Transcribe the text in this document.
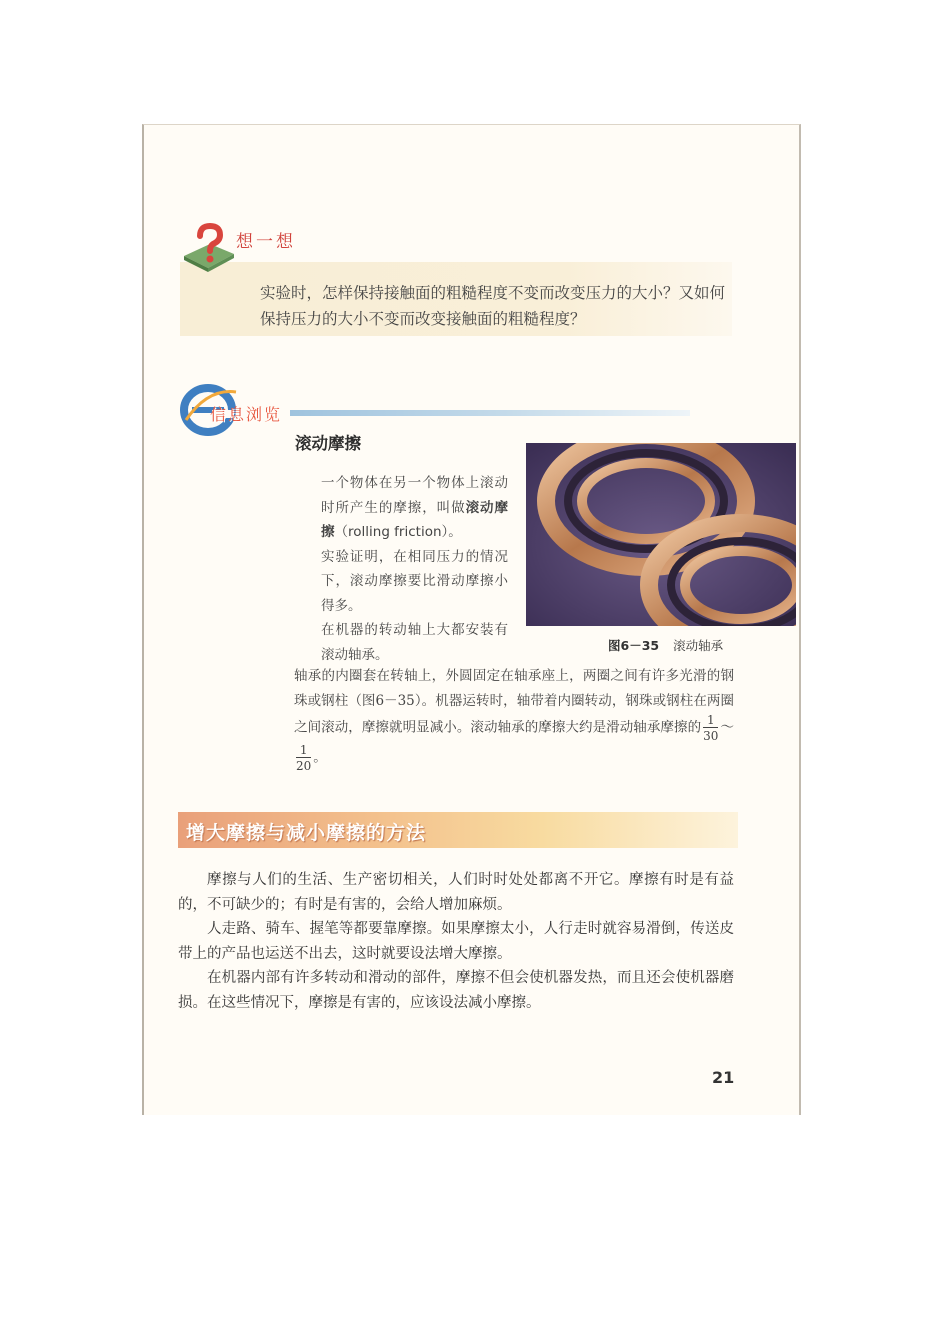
想一想
实验时，怎样保持接触面的粗糙程度不变而改变压力的大小？又如何保持压力的大小不变而改变接触面的粗糙程度？
信息浏览
滚动摩擦

一个物体在另一个物体上滚动时所产生的摩擦，叫做滚动摩擦（rolling friction）。

实验证明，在相同压力的情况下，滚动摩擦要比滑动摩擦小得多。

在机器的转动轴上大都安装有滚动轴承。

图6－35 滚动轴承
轴承的内圈套在转轴上，外圆固定在轴承座上，两圈之间有许多光滑的钢珠或钢柱（图6－35）。机器运转时，轴带着内圈转动，钢珠或钢柱在两圈之间滚动，摩擦就明显减小。滚动轴承的摩擦大约是滑动轴承摩擦的 $\frac{1}{30}$ ～
$\frac{1}{20}$ 。
增大摩擦与减小摩擦的方法

摩擦与人们的生活、生产密切相关，人们时时处处都离不开它。摩擦有时是有益的，不可缺少的；有时是有害的，会给人增加麻烦。

人走路、骑车、握笔等都要靠摩擦。如果摩擦太小，人行走时就容易滑倒，传送皮带上的产品也运送不出去，这时就要设法增大摩擦。

在机器内部有许多转动和滑动的部件，摩擦不但会使机器发热，而且还会使机器磨损。在这些情况下，摩擦是有害的，应该设法减小摩擦。

21
